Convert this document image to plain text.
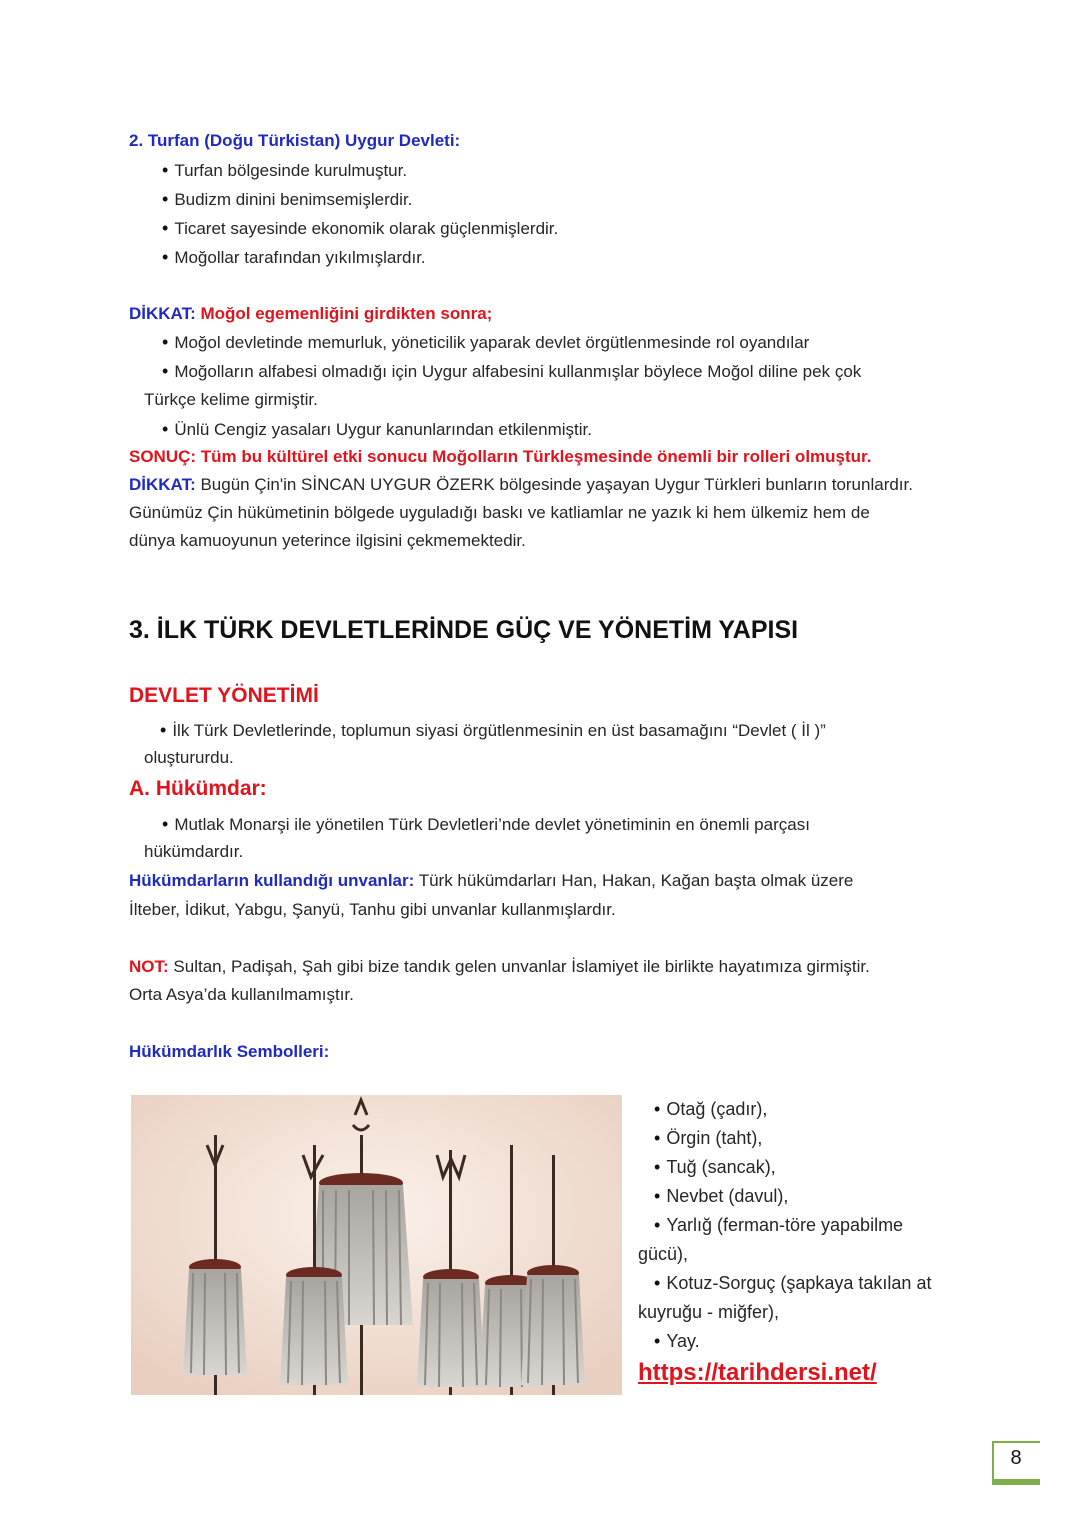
2. Turfan (Doğu Türkistan) Uygur Devleti:
• Turfan bölgesinde kurulmuştur.
• Budizm dinini benimsemişlerdir.
• Ticaret sayesinde ekonomik olarak güçlenmişlerdir.
• Moğollar tarafından yıkılmışlardır.
DİKKAT: Moğol egemenliğini girdikten sonra;
• Moğol devletinde memurluk, yöneticilik yaparak devlet örgütlenmesinde rol oyandılar
• Moğolların alfabesi olmadığı için Uygur alfabesini kullanmışlar böylece Moğol diline pek çok
Türkçe kelime girmiştir.
• Ünlü Cengiz yasaları Uygur kanunlarından etkilenmiştir.
SONUÇ: Tüm bu kültürel etki sonucu Moğolların Türkleşmesinde önemli bir rolleri olmuştur.
DİKKAT: Bugün Çin'in SİNCAN UYGUR ÖZERK bölgesinde yaşayan Uygur Türkleri bunların torunlardır.
Günümüz Çin hükümetinin bölgede uyguladığı baskı ve katliamlar ne yazık ki hem ülkemiz hem de
dünya kamuoyunun yeterince ilgisini çekmemektedir.
3. İLK TÜRK DEVLETLERİNDE GÜÇ VE YÖNETİM YAPISI
DEVLET YÖNETİMİ
• İlk Türk Devletlerinde, toplumun siyasi örgütlenmesinin en üst basamağını “Devlet ( İl )”
oluştururdu.
A. Hükümdar:
• Mutlak Monarşi ile yönetilen Türk Devletleri’nde devlet yönetiminin en önemli parçası
hükümdardır.
Hükümdarların kullandığı unvanlar: Türk hükümdarları Han, Hakan, Kağan başta olmak üzere
İlteber, İdikut, Yabgu, Şanyü, Tanhu gibi unvanlar kullanmışlardır.
NOT: Sultan, Padişah, Şah gibi bize tandık gelen unvanlar İslamiyet ile birlikte hayatımıza girmiştir.
Orta Asya’da kullanılmamıştır.
Hükümdarlık Sembolleri:
• Otağ (çadır),
• Örgin (taht),
• Tuğ (sancak),
• Nevbet (davul),
• Yarlığ (ferman-töre yapabilme
gücü),
• Kotuz-Sorguç (şapkaya takılan at
kuyruğu - miğfer),
• Yay.
https://tarihdersi.net/
8
